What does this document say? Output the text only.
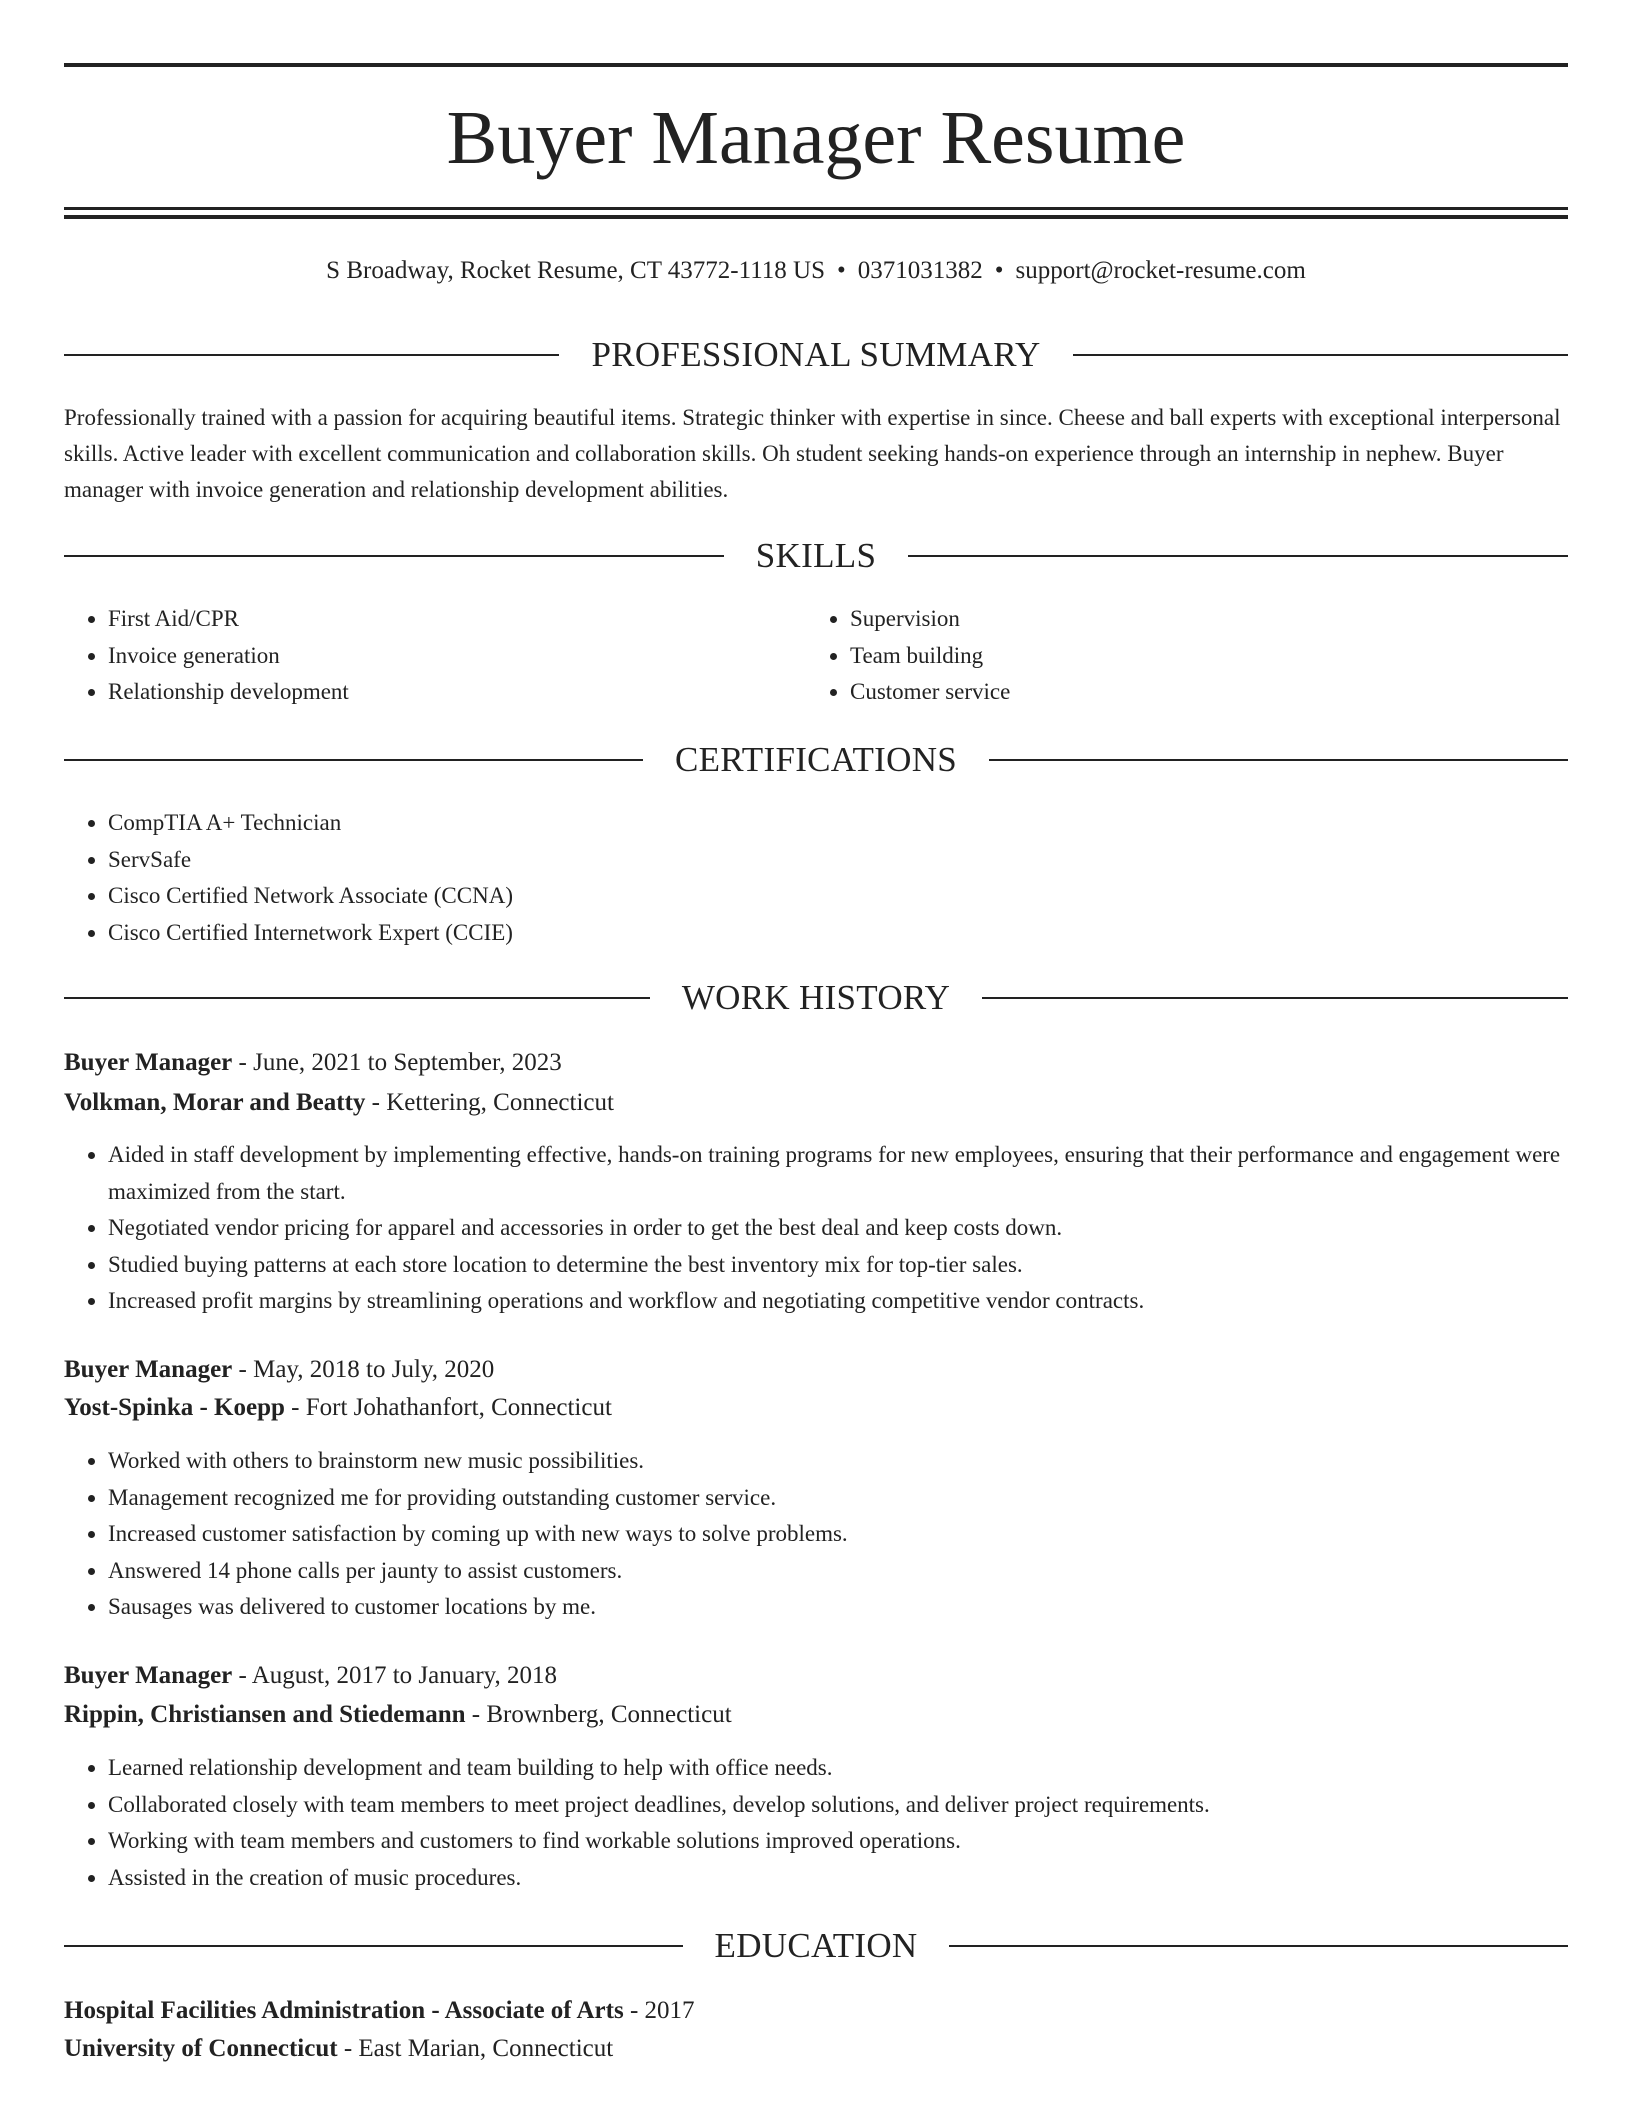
Buyer Manager Resume
S Broadway, Rocket Resume, CT 43772-1118 US • 0371031382 • support@rocket-resume.com
PROFESSIONAL SUMMARY

Professionally trained with a passion for acquiring beautiful items. Strategic thinker with expertise in since. Cheese and ball experts with exceptional interpersonal skills. Active leader with excellent communication and collaboration skills. Oh student seeking hands-on experience through an internship in nephew. Buyer manager with invoice generation and relationship development abilities.

SKILLS
• First Aid/CPR
• Invoice generation
• Relationship development
• Supervision
• Team building
• Customer service
CERTIFICATIONS
• CompTIA A+ Technician
• ServSafe
• Cisco Certified Network Associate (CCNA)
• Cisco Certified Internetwork Expert (CCIE)
WORK HISTORY
Buyer Manager - June, 2021 to September, 2023
Volkman, Morar and Beatty - Kettering, Connecticut
• Aided in staff development by implementing effective, hands-on training programs for new employees, ensuring that their performance and engagement were maximized from the start.
• Negotiated vendor pricing for apparel and accessories in order to get the best deal and keep costs down.
• Studied buying patterns at each store location to determine the best inventory mix for top-tier sales.
• Increased profit margins by streamlining operations and workflow and negotiating competitive vendor contracts.
Buyer Manager - May, 2018 to July, 2020
Yost-Spinka - Koepp - Fort Johathanfort, Connecticut
• Worked with others to brainstorm new music possibilities.
• Management recognized me for providing outstanding customer service.
• Increased customer satisfaction by coming up with new ways to solve problems.
• Answered 14 phone calls per jaunty to assist customers.
• Sausages was delivered to customer locations by me.
Buyer Manager - August, 2017 to January, 2018
Rippin, Christiansen and Stiedemann - Brownberg, Connecticut
• Learned relationship development and team building to help with office needs.
• Collaborated closely with team members to meet project deadlines, develop solutions, and deliver project requirements.
• Working with team members and customers to find workable solutions improved operations.
• Assisted in the creation of music procedures.
EDUCATION
Hospital Facilities Administration - Associate of Arts - 2017
University of Connecticut - East Marian, Connecticut
